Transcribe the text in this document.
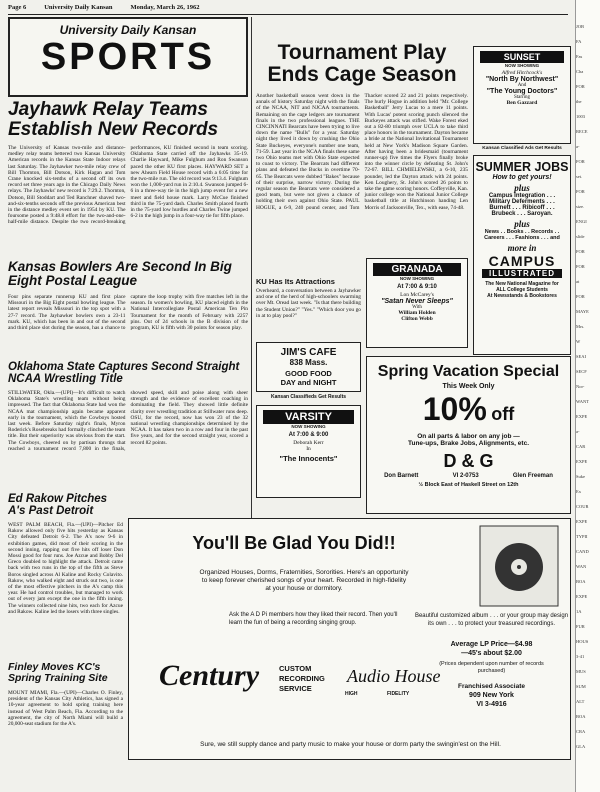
Page 6	University Daily Kansan	Monday, March 26, 1962
University Daily Kansan
SPORTS
Jayhawk Relay Teams Establish New Records
The University of Kansas two-mile and distance-medley relay teams bettered two Kansas University American records in the Kansas State Indoor relays last Saturday. The Jayhawker two-mile relay crew of Bill Thornton, Bill Dotson, Kirk Hagan and Tom Crane knocked six-tenths of a second off its own record set three years ago in the Chicago Daily News relays. The Jayhawks' new record is 7:29.2. Thornton, Dotson, Bill Stoddart and Ted Ranchner shaved two-and-six-tenths seconds off the previous American best in the distance medley event set in 1954 by KU. The foursome posted a 9:48.8 effort for the two-and-one-half-mile distance. Despite the two record-breaking performances, KU finished second in team scoring. Oklahoma State carried off the Jayhawks 35-19. Charlie Hayward, Mike Fulghum and Ron Swanson paced the other KU first places. HAYWARD SET a new Ahearn Field House record with a 6:05 time for the two-mile run. The old record was 9:13.4. Fulghum won the 1,000-yard run in 2:10.4. Swanson jumped 6-6 in a three-way tie in the high jump event for a new meet and field house mark. Larry McCue finished third in the 75-yard dash. Charles Smith placed fourth in the 75-yard low hurdles and Charles Twine jumped 6-2 in the high jump in a four-way tie for fifth place.
Kansas Bowlers Are Second In Big Eight Postal League
Four pins separate runnerup KU and first place Missouri in the Big Eight postal bowling league. The latest report reveals Missouri in the top spot with a 27-7 record. The Jayhawker bowlers own a 23-11 mark. KU, which has been in and out of the second and third place slot during the season, has a chance to capture the loop trophy with five matches left in the season. In women's bowling, KU placed eighth in the National Intercollegiate Postal American Ten Pin Tournament for the month of February with 2257 pins. Out of 24 schools in the B division of the program, KU is fifth with 30 points for season play.
Oklahoma State Captures Second Straight NCAA Wrestling Title
STILLWATER, Okla.—(UPI)—It's difficult to watch Oklahoma State's wrestling team without being impressed. The fact that Oklahoma State had won the NCAA mat championship again became apparent early in the tournament, which the Cowboys hosted last week. Before Saturday night's finals, Myron Roderick's Rosebreaks had formally clinched the team title. But their superiority was obvious from the start. The Cowboys, cheered on by partisan throngs that reached a tournament record 7,800 in the finals, showed speed, skill and poise along with sheer strength and the evidence of excellent coaching in dominating the field. They showed little definite clarity over wrestling tradition at Stillwater runs deep. OSU, for the record, now has won 23 of the 32 national wrestling championships determined by the NCAA. It has taken two in a row and four in the past five years, and for the second straight year, scored a record 82 points.
Ed Rakow Pitches A's Past Detroit
WEST PALM BEACH, Fla.—(UPI)—Pitcher Ed Rakow allowed only five hits yesterday as Kansas City defeated Detroit 6-2. The A's now 9-6 in exhibition games, did most of their scoring in the second inning, rapping out five hits off loser Don Mossi good for four runs. Joe Azcue and Bobby Del Greco doubled to highlight the attack. Detroit came back with two runs in the top of the fifth as Steve Boros singled across Al Kaline and Rocky Colavito. Rakow, who walked eight and struck out two, is one of the most effective pitchers in the A's camp this year. He had control troubles, but managed to work out of every jam except the one in the fifth inning. The winners collected nine hits, two each for Azcue and Rakow. Kaline led the losers with three singles.
Finley Moves KC's Spring Training Site
MOUNT MIAMI, Fla.—(UPI)—Charles O. Finley, president of the Kansas City Athletics, has signed a 10-year agreement to hold spring training here instead of West Palm Beach, Fla. According to the agreement, the city of North Miami will build a 20,000-seat stadium for the A's.
Tournament Play Ends Cage Season
Another basketball season went down in the annals of history Saturday night with the finals of the NCAA, NIT and NJCAA tournaments. Remaining on the cage ledgers are tournament finals in the two professional leagues. THE CINCINNATI Bearcats have been trying to live down the name "Bulls" for a year. Saturday night they lived it down by crushing the Ohio State Buckeyes, everyone's number one team, 71-59. Last year in the NCAA finals these same two Ohio teams met with Ohio State expected to coast to victory. The Bearcats had different plans and defeated the Bucks in overtime 70-65. The Bearcats were dubbed "Bakes" because of their surprise, narrow victory. During the regular season the Bearcats were considered a good team, but were not given a chance of holding their own against Ohio State. PAUL HOGUE, a 6-9, 240 pound center, and Tom Thacker scored 22 and 21 points respectively. The hurly Hogue in addition held "Mr. College Basketball" Jerry Lucas to a mere 11 points. With Lucas' potent scoring punch silenced the Buckeyes attack was stifled. Wake Forest eked out a 82-80 triumph over UCLA to take third place honors in the tournament. Dayton became a bride at the National Invitational Tournament held at New York's Madison Square Garden. After having been a bridesmaid (tournament runner-up) five times the Flyers finally broke into the winner circle by defeating St. John's 72-67. BILL CHMIELEWSKI, a 6-10, 235 pounder, led the Dayton attack with 24 points. Ken Loughery, St. John's scored 26 points to take the game scoring honors. Coffeyville, Kan. junior college won the National Junior College basketball title at Hutchinson handing Len Morris of Jacksonville, Tex., with ease, 74-48.
KU Has Its Attractions
Overheard, a conversation between a Jayhawker and one of the herd of high-schoolers swarming over Mt. Oread last week. "Is that there building the Student Union?" "Yes." "Which door you go in at to play pool?"
JIM'S CAFE
838 Mass.
GOOD FOOD
DAY and NIGHT
Kansan Classifieds Get Results
VARSITY
NOW SHOWING
At 7:00 & 9:00
Deborah Kerr
In
"The Innocents"
GRANADA
NOW SHOWING
At 7:00 & 9:10
Lon McCarey's
"Satan Never Sleeps"
With
William Holden
Clifton Webb
SUNSET
NOW SHOWING
Alfred Hitchcock's
"North By Northwest"
And
"The Young Doctors"
Starring
Ben Gazzard
Kansan Classified Ads Get Results
SUMMER JOBS
How to get yours!
plus
Campus Integration . . .
Military Deferments . . .
Burnett . . . Ribicoff . . .
Brubeck . . . Saroyan.
plus
News . . Books . . Records . .
Careers . . . Fashions . . . and
more in
CAMPUS
ILLUSTRATED
The New National Magazine for
ALL College Students
At Newsstands & Bookstores
Spring Vacation Special
This Week Only
10% off
On all parts & labor on any job —
Tune-ups, Brake Jobs, Alignments, etc.
D & G
Don Barnett	VI 2-0753	Glen Freeman
½ Block East of Haskell Street on 12th
You'll Be Glad You Did!!
Organized Houses, Dorms, Fraternities, Sororities. Here's an opportunity to keep forever cherished songs of your heart. Recorded in high-fidelity at your house or dormitory.
Ask the A D Pi members how they liked their record. Then you'll learn the fun of being a recording singing group.
Beautiful customized album . . . or your group may design its own . . . to protect your treasured recordings.
Average LP Price—$4.98
—45's about $2.00
(Prices dependent upon number of records purchased)
Franchised Associate
909 New York
VI 3-4916
Century	CUSTOM
RECORDING
SERVICE
Audio House
HIGH	FIDELITY
Sure, we still supply dance and party music to make your house or dorm party the swingin'est on the Hill.
JOB
FA
Fas
Cha
FOR
the
1003
RECE
a-
FOR
set.
FOR
size.
ENGI
slide
FOR
FOR
at
FOR
MAYE
Mrs.
W
SEAI
SECF
Nor-
WANT
EXPE
a-
CAR
EXPE
Suke
Ex
COUR
EXPE
TYPII
CAND
WAN
BOA
EXPE
1A
FUR
HOUS
3-41
MUS
SUM
ALT
BOA
CRA
GLA
